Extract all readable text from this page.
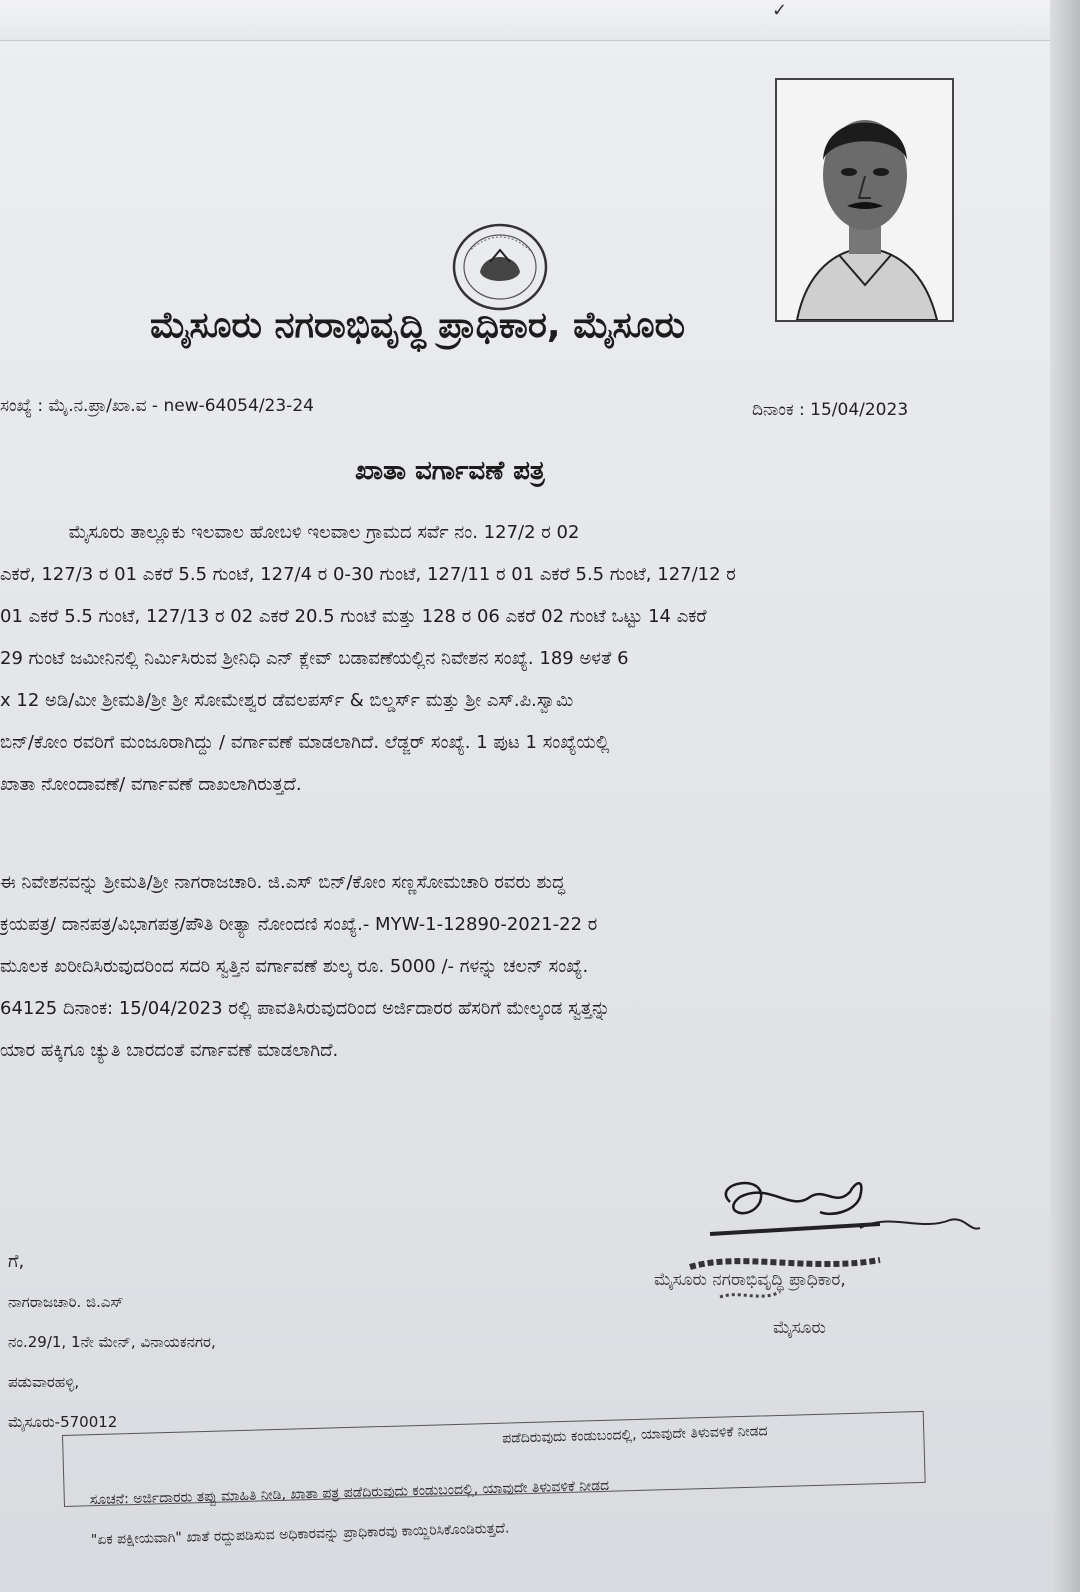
✓
ಮೈಸೂರು ನಗರಾಭಿವೃದ್ಧಿ ಪ್ರಾಧಿಕಾರ, ಮೈಸೂರು
ಸಂಖ್ಯೆ : ಮೈ.ನ.ಪ್ರಾ/ಖಾ.ವ - new-64054/23-24	ದಿನಾಂಕ : 15/04/2023
ಖಾತಾ ವರ್ಗಾವಣೆ ಪತ್ರ
ಮೈಸೂರು ತಾಲ್ಲೂಕು ಇಲವಾಲ ಹೋಬಳಿ ಇಲವಾಲ ಗ್ರಾಮದ ಸರ್ವೆ ನಂ. 127/2 ರ 02
ಎಕರೆ, 127/3 ರ 01 ಎಕರೆ 5.5 ಗುಂಟೆ, 127/4 ರ 0-30 ಗುಂಟೆ, 127/11 ರ 01 ಎಕರೆ 5.5 ಗುಂಟೆ, 127/12 ರ
01 ಎಕರೆ 5.5 ಗುಂಟೆ, 127/13 ರ 02 ಎಕರೆ 20.5 ಗುಂಟೆ ಮತ್ತು 128 ರ 06 ಎಕರೆ 02 ಗುಂಟೆ ಒಟ್ಟು 14 ಎಕರೆ
29 ಗುಂಟೆ ಜಮೀನಿನಲ್ಲಿ ನಿರ್ಮಿಸಿರುವ ಶ್ರೀನಿಧಿ ಎನ್ ಕ್ಲೇವ್ ಬಡಾವಣೆಯಲ್ಲಿನ ನಿವೇಶನ ಸಂಖ್ಯೆ. 189 ಅಳತೆ 6
x 12 ಅಡಿ/ಮೀ ಶ್ರೀಮತಿ/ಶ್ರೀ ಶ್ರೀ ಸೋಮೇಶ್ವರ ಡೆವಲಪರ್ಸ್ & ಬಿಲ್ಡರ್ಸ್ ಮತ್ತು ಶ್ರೀ ಎಸ್.ಪಿ.ಸ್ವಾಮಿ
ಬಿನ್/ಕೋಂ ರವರಿಗೆ ಮಂಜೂರಾಗಿದ್ದು / ವರ್ಗಾವಣೆ ಮಾಡಲಾಗಿದೆ. ಲೆಡ್ಜರ್ ಸಂಖ್ಯೆ. 1 ಪುಟ 1 ಸಂಖ್ಯೆಯಲ್ಲಿ
ಖಾತಾ ನೋಂದಾವಣೆ/ ವರ್ಗಾವಣೆ ದಾಖಲಾಗಿರುತ್ತದೆ.
ಈ ನಿವೇಶನವನ್ನು ಶ್ರೀಮತಿ/ಶ್ರೀ ನಾಗರಾಜಚಾರಿ. ಜಿ.ಎಸ್ ಬಿನ್/ಕೋಂ ಸಣ್ಣಸೋಮಚಾರಿ ರವರು ಶುದ್ಧ
ಕ್ರಯಪತ್ರ/ ದಾನಪತ್ರ/ವಿಭಾಗಪತ್ರ/ಪೌತಿ ರೀತ್ಯಾ ನೋಂದಣಿ ಸಂಖ್ಯೆ.- MYW-1-12890-2021-22 ರ
ಮೂಲಕ ಖರೀದಿಸಿರುವುದರಿಂದ ಸದರಿ ಸ್ವತ್ತಿನ ವರ್ಗಾವಣೆ ಶುಲ್ಕ ರೂ. 5000 /- ಗಳನ್ನು ಚಲನ್ ಸಂಖ್ಯೆ.
64125 ದಿನಾಂಕ: 15/04/2023 ರಲ್ಲಿ ಪಾವತಿಸಿರುವುದರಿಂದ ಅರ್ಜಿದಾರರ ಹೆಸರಿಗೆ ಮೇಲ್ಕಂಡ ಸ್ವತ್ತನ್ನು
ಯಾರ ಹಕ್ಕಿಗೂ ಚ್ಯುತಿ ಬಾರದಂತೆ ವರ್ಗಾವಣೆ ಮಾಡಲಾಗಿದೆ.
ಮೈಸೂರು ನಗರಾಭಿವೃದ್ಧಿ ಪ್ರಾಧಿಕಾರ,
ಮೈಸೂರು
ಗೆ,
ನಾಗರಾಜಚಾರಿ. ಜಿ.ಎಸ್
ನಂ.29/1, 1ನೇ ಮೇನ್, ವಿನಾಯಕನಗರ,
ಪಡುವಾರಹಳ್ಳಿ,
ಮೈಸೂರು-570012
ಪಡೆದಿರುವುದು ಕಂಡುಬಂದಲ್ಲಿ, ಯಾವುದೇ ತಿಳುವಳಿಕೆ ನೀಡದ
ಸೂಚನೆ: ಅರ್ಜಿದಾರರು ತಪ್ಪು ಮಾಹಿತಿ ನೀಡಿ, ಖಾತಾ ಪತ್ರ ಪಡೆದಿರುವುದು ಕಂಡುಬಂದಲ್ಲಿ, ಯಾವುದೇ ತಿಳುವಳಿಕೆ ನೀಡದ
"ಏಕ ಪಕ್ಷೀಯವಾಗಿ" ಖಾತೆ ರದ್ದುಪಡಿಸುವ ಅಧಿಕಾರವನ್ನು ಪ್ರಾಧಿಕಾರವು ಕಾಯ್ದಿರಿಸಿಕೊಂಡಿರುತ್ತದೆ.
